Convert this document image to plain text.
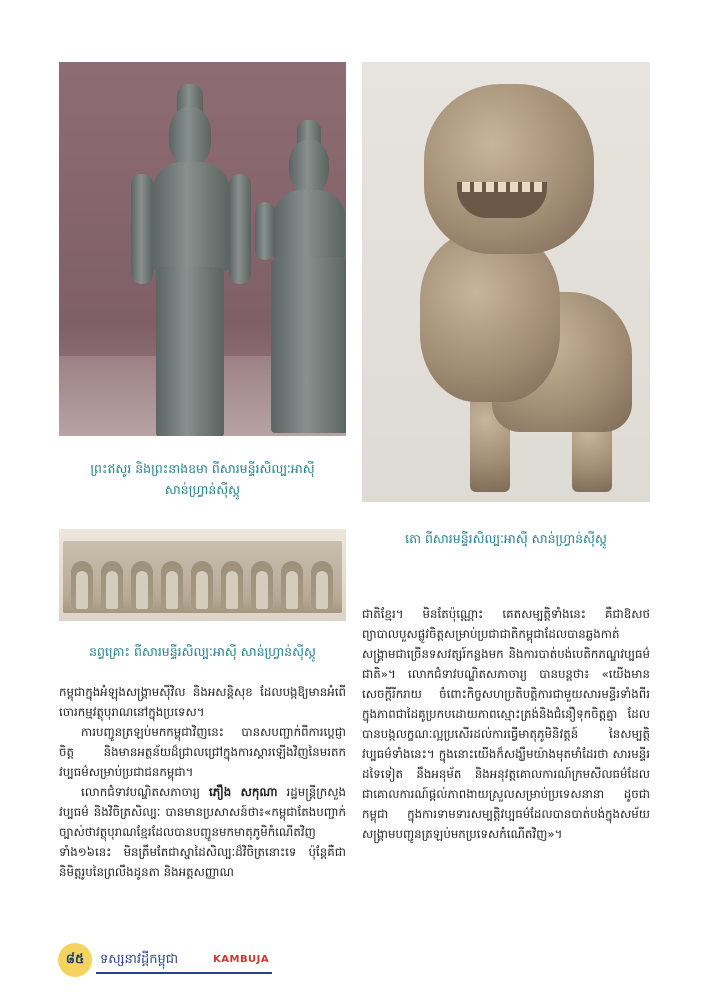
ព្រះឥសូរ និងព្រះនាងឧមា ពីសារមន្ទីរសិល្បៈអាស៊ី
សាន់ហ្វ្រាន់ស៊ីស្កូ
តោ ពីសារមន្ទីរសិល្បៈអាស៊ី សាន់ហ្វ្រាន់ស៊ីស្កូ
នព្វគ្រោះ ពីសារមន្ទីរសិល្បៈអាស៊ី សាន់ហ្វ្រាន់ស៊ីស្កូ

កម្ពុជាក្នុងអំឡុងសង្គ្រាមស៊ីវិល និងអសន្តិសុខ ដែលបង្កឱ្យមានអំពើចោរកម្មវត្ថុបុរាណនៅក្នុងប្រទេស។

ការបញ្ជូនត្រឡប់មកកម្ពុជាវិញនេះ បានសបញ្ជាក់ពីការប្ដេជ្ញាចិត្ត និងមានអត្ថន័យដ៏ជ្រាលជ្រៅក្នុងការស្ដារឡើងវិញនៃមរតកវប្បធម៌សម្រាប់ប្រជាជនកម្ពុជា។

លោកជំទាវបណ្ឌិតសភាចារ្យ ភឿង សកុណា រដ្ឋមន្ត្រីក្រសួងវប្បធម៌ និងវិចិត្រសិល្បៈ បានមានប្រសាសន៍ថា៖«កម្ពុជាតែងបញ្ជាក់ច្បាស់ថាវត្ថុបុរាណខ្មែរដែលបានបញ្ជូនមកមាតុភូមិកំណើតវិញទាំង១៦នេះ មិនត្រឹមតែជាស្នាដៃសិល្បៈដ៏វិចិត្រនោះទេ ប៉ុន្តែគឺជានិមិត្តរូបនៃព្រលឹងដូនតា និងអត្តសញ្ញាណ

ជាតិខ្មែរ។ មិនតែប៉ុណ្ណោះ គេតសម្បត្តិទាំងនេះ គឺជាឱសថព្យាបាលបួសផ្លូវចិត្តសម្រាប់ប្រជាជាតិកម្ពុជាដែលបានឆ្លងកាត់សង្គ្រាមជាច្រើនទសវត្សរ៍កន្លងមក និងការបាត់បង់បេតិកភណ្ឌវប្បធម៌ជាតិ»។ លោកជំទាវបណ្ឌិតសភាចារ្យ បានបន្តថា៖ «យើងមានសេចក្ដីរីករាយ ចំពោះកិច្ចសហប្រតិបត្តិការជាមួយសារមន្ទីរទាំងពីរក្នុងភាពជាដៃគូប្រកបដោយភាពស្មោះត្រង់និងជំនឿទុកចិត្តគ្នា ដែលបានបង្កលក្ខណៈល្អប្រសើរដល់ការធ្វើមាតុភូមិនិវត្តន៍ នៃសម្បត្តិវប្បធម៌ទាំងនេះ។ ក្នុងនោះយើងក៏សង្ឃឹមយ៉ាងមុតមាំដែរថា សារមន្ទីរដទៃទៀត នឹងអនុម័ត និងអនុវត្តគោលការណ៍ក្រមសីលធម៌ដែលជាគោលការណ៍ផ្ដល់ភាពងាយស្រួលសម្រាប់ប្រទេសនានា ដូចជាកម្ពុជា ក្នុងការទាមទារសម្បត្តិវប្បធម៌ដែលបានបាត់បង់ក្នុងសម័យសង្គ្រាមបញ្ជូនត្រឡប់មកប្រទេសកំណើតវិញ»។

៨៥	ទស្សនាវដ្ដីកម្ពុជា	KAMBUJA
